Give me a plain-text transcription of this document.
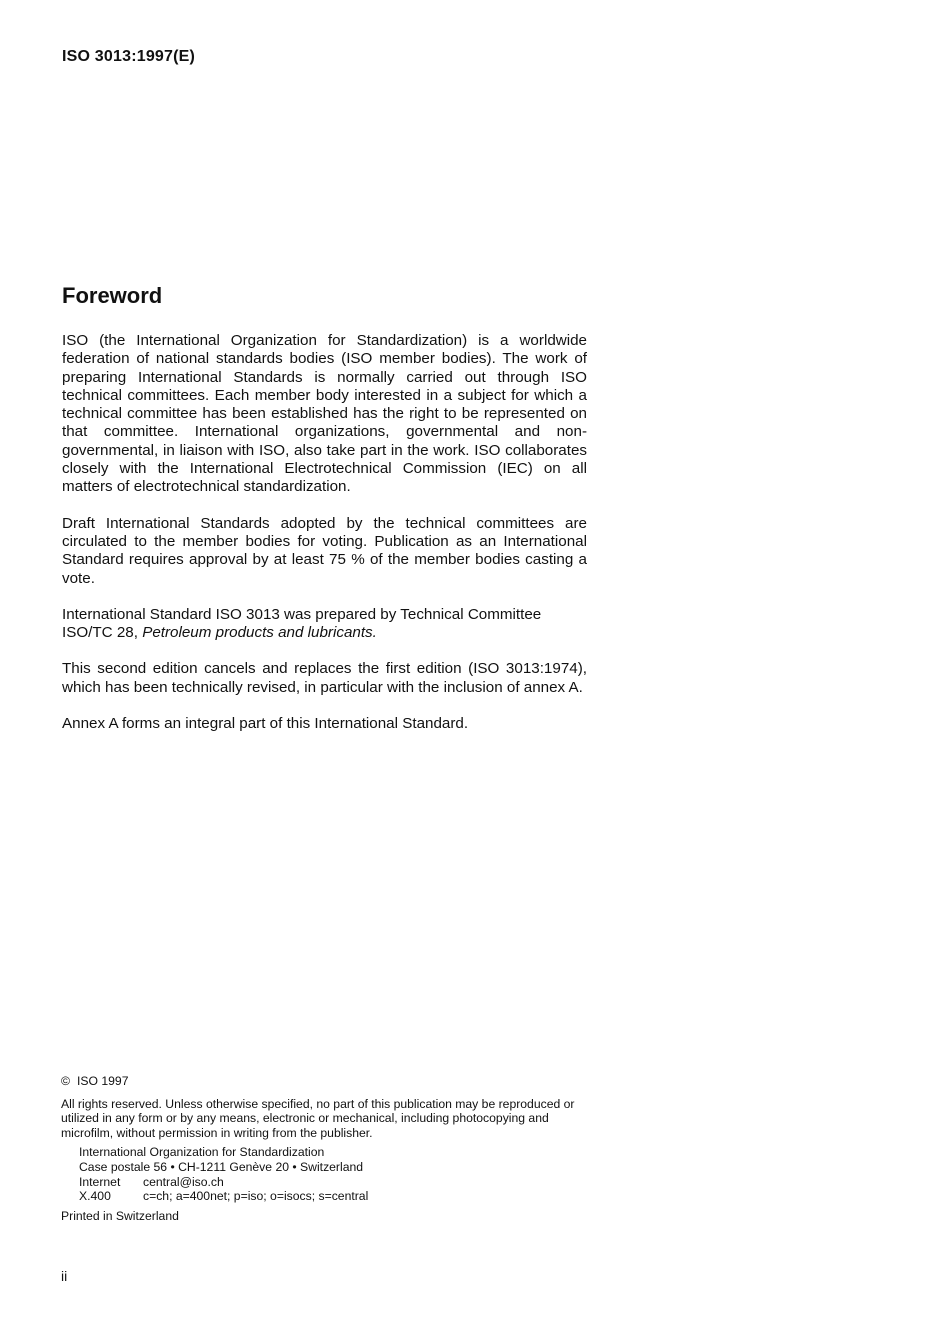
ISO 3013:1997(E)
Foreword

ISO (the International Organization for Standardization) is a worldwide federation of national standards bodies (ISO member bodies). The work of preparing International Standards is normally carried out through ISO technical committees. Each member body interested in a subject for which a technical committee has been established has the right to be represented on that committee. International organizations, governmental and non-governmental, in liaison with ISO, also take part in the work. ISO collaborates closely with the International Electrotechnical Commission (IEC) on all matters of electrotechnical standardization.

Draft International Standards adopted by the technical committees are circulated to the member bodies for voting. Publication as an International Standard requires approval by at least 75 % of the member bodies casting a vote.

International Standard ISO 3013 was prepared by Technical Committee ISO/TC 28, Petroleum products and lubricants.

This second edition cancels and replaces the first edition (ISO 3013:1974), which has been technically revised, in particular with the inclusion of annex A.

Annex A forms an integral part of this International Standard.

© ISO 1997
All rights reserved. Unless otherwise specified, no part of this publication may be reproduced or utilized in any form or by any means, electronic or mechanical, including photocopying and microfilm, without permission in writing from the publisher.
International Organization for Standardization
Case postale 56 • CH-1211 Genève 20 • Switzerland
Internet central@iso.ch
X.400	c=ch; a=400net; p=iso; o=isocs; s=central
Printed in Switzerland
ii
